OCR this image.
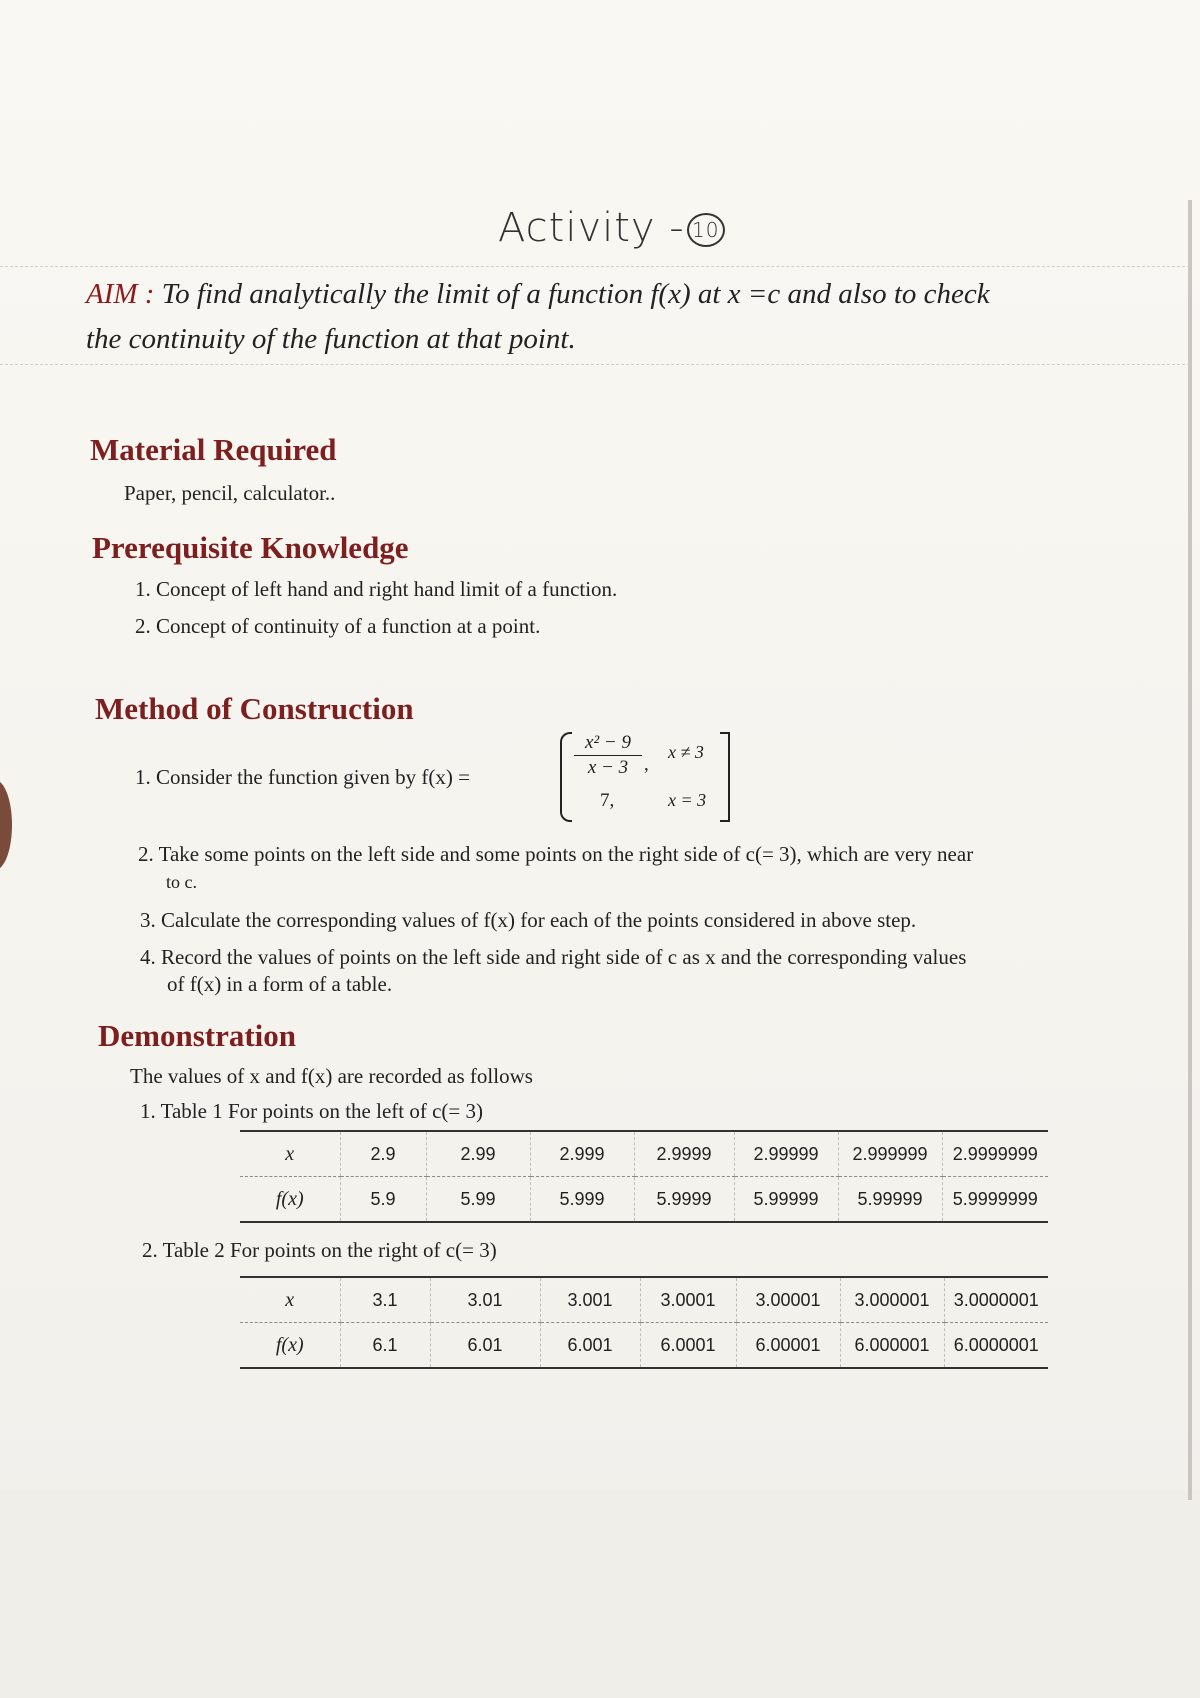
Activity - 10
AIM : To find analytically the limit of a function f(x) at x =c and also to check
the continuity of the function at that point.
Material Required
Paper, pencil, calculator..
Prerequisite Knowledge
1. Concept of left hand and right hand limit of a function.
2. Concept of continuity of a function at a point.
Method of Construction
1. Consider the function given by f(x) =
x² − 9
x − 3 ,
x ≠ 3
7,	x = 3
2. Take some points on the left side and some points on the right side of c(= 3), which are very near
to c.
3. Calculate the corresponding values of f(x) for each of the points considered in above step.
4. Record the values of points on the left side and right side of c as x and the corresponding values
of f(x) in a form of a table.
Demonstration
The values of x and f(x) are recorded as follows
1. Table 1 For points on the left of c(= 3)
x	2.9	2.99	2.999	2.9999	2.99999	2.999999	2.9999999
f(x)	5.9	5.99	5.999	5.9999	5.99999	5.99999	5.9999999
2. Table 2 For points on the right of c(= 3)
x	3.1	3.01	3.001	3.0001	3.00001	3.000001	3.0000001
f(x)	6.1	6.01	6.001	6.0001	6.00001	6.000001	6.0000001
